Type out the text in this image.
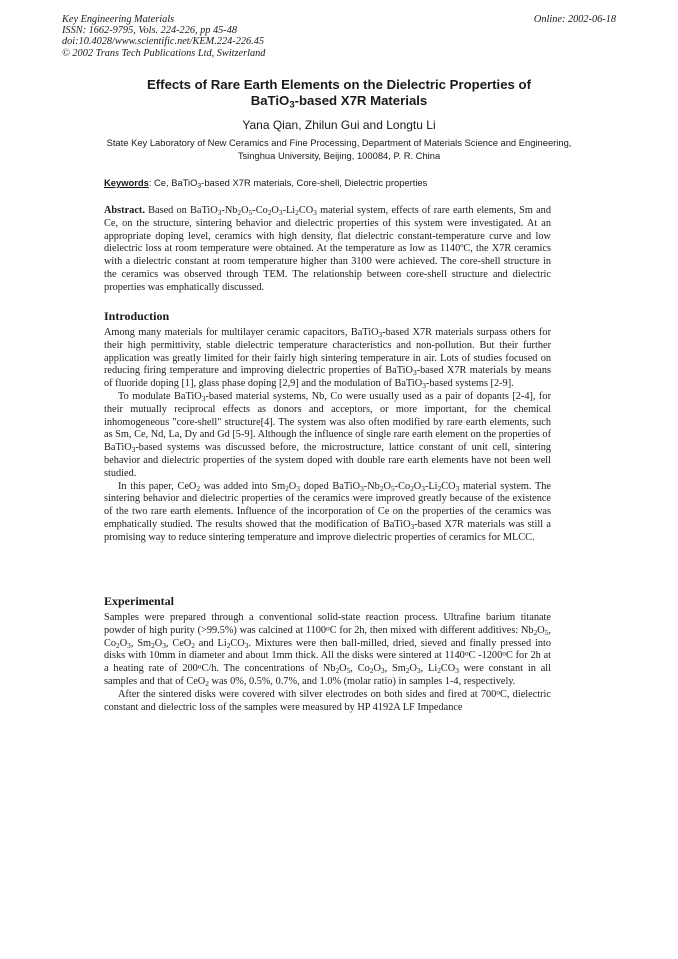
Key Engineering Materials
ISSN: 1662-9795, Vols. 224-226, pp 45-48
doi:10.4028/www.scientific.net/KEM.224-226.45
© 2002 Trans Tech Publications Ltd, Switzerland
Online: 2002-06-18
Effects of Rare Earth Elements on the Dielectric Properties of
BaTiO$_3$-based X7R Materials
Yana Qian, Zhilun Gui and Longtu Li
State Key Laboratory of New Ceramics and Fine Processing, Department of Materials Science and Engineering, Tsinghua University, Beijing, 100084, P. R. China
Keywords: Ce, BaTiO$_3$-based X7R materials, Core-shell, Dielectric properties

Abstract. Based on $BaTiO_3-Nb_2O_5-Co_2O_3-Li_2CO_3$ material system, effects of rare earth elements, Sm and Ce, on the structure, sintering behavior and dielectric properties of this system were investigated. At an appropriate doping level, ceramics with high density, flat dielectric constant-temperature curve and low dielectric loss at room temperature were obtained. At the temperature as low as 1140ºC, the X7R ceramics with a dielectric constant at room temperature higher than 3100 were achieved. The core-shell structure in the ceramics was observed through TEM. The relationship between core-shell structure and dielectric properties was emphatically discussed.

Introduction

Among many materials for multilayer ceramic capacitors, BaTiO$_3$-based X7R materials surpass others for their high permittivity, stable dielectric temperature characteristics and non-pollution. But their further application was greatly limited for their fairly high sintering temperature in air. Lots of studies focused on reducing firing temperature and improving dielectric properties of BaTiO$_3$-based X7R materials by means of fluoride doping [1], glass phase doping [2,9] and the modulation of BaTiO$_3$-based systems [2-9].

To modulate BaTiO$_3$-based material systems, Nb, Co were usually used as a pair of dopants [2-4], for their mutually reciprocal effects as donors and acceptors, or more important, for the chemical inhomogeneous "core-shell" structure[4]. The system was also often modified by rare earth elements, such as Sm, Ce, Nd, La, Dy and Gd [5-9]. Although the influence of single rare earth element on the properties of BaTiO$_3$-based systems was discussed before, the microstructure, lattice constant of unit cell, sintering behavior and dielectric properties of the system doped with double rare earth elements have not been well studied.

In this paper, CeO$_2$ was added into $Sm_2O_3$ doped $BaTiO_3-Nb_2O_5-Co_2O_3-Li_2CO_3$ material system. The sintering behavior and dielectric properties of the ceramics were improved greatly because of the existence of the two rare earth elements. Influence of the incorporation of Ce on the properties of the ceramics was emphatically studied. The results showed that the modification of BaTiO$_3$-based X7R materials was still a promising way to reduce sintering temperature and improve dielectric properties of ceramics for MLCC.

Experimental

Samples were prepared through a conventional solid-state reaction process. Ultrafine barium titanate powder of high purity (>99.5%) was calcined at 1100$^o$C for 2h, then mixed with different additives: $Nb_2O_5$, $Co_2O_3$, $Sm_2O_3$, CeO$_2$ and $Li_2CO_3$. Mixtures were then ball-milled, dried, sieved and finally pressed into disks with 10mm in diameter and about 1mm thick. All the disks were sintered at 1140$^o$C -1200$^o$C for 2h at a heating rate of 200$^o$C/h. The concentrations of $Nb_2O_5$, $Co_2O_3$, $Sm_2O_3$, $Li_2CO_3$ were constant in all samples and that of CeO$_2$ was 0%, 0.5%, 0.7%, and 1.0% (molar ratio) in samples 1-4, respectively.

After the sintered disks were covered with silver electrodes on both sides and fired at 700$^o$C, dielectric constant and dielectric loss of the samples were measured by HP 4192A LF Impedance
